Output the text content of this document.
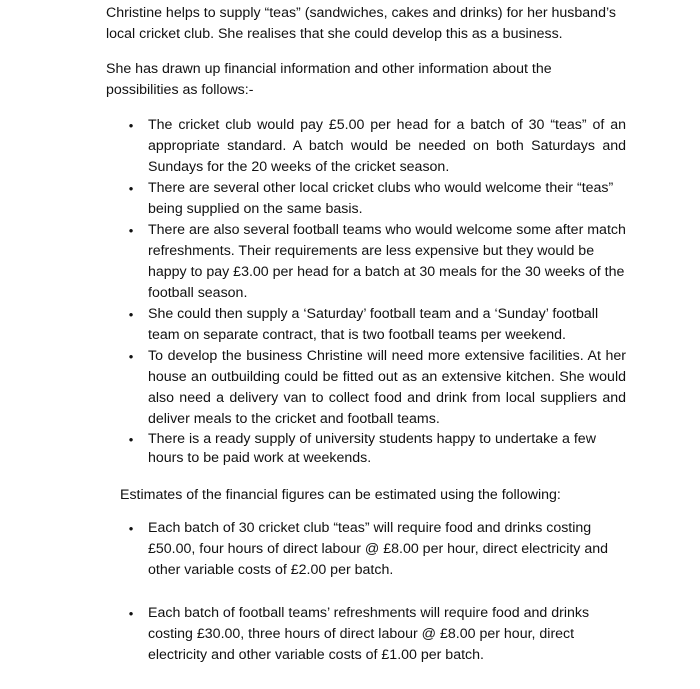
Christine helps to supply “teas” (sandwiches, cakes and drinks) for her husband’s local cricket club. She realises that she could develop this as a business.

She has drawn up financial information and other information about the possibilities as follows:-

• The cricket club would pay £5.00 per head for a batch of 30 “teas” of an appropriate standard. A batch would be needed on both Saturdays and Sundays for the 20 weeks of the cricket season.
• There are several other local cricket clubs who would welcome their “teas” being supplied on the same basis.
• There are also several football teams who would welcome some after match refreshments. Their requirements are less expensive but they would be happy to pay £3.00 per head for a batch at 30 meals for the 30 weeks of the football season.
• She could then supply a ‘Saturday’ football team and a ‘Sunday’ football team on separate contract, that is two football teams per weekend.
• To develop the business Christine will need more extensive facilities. At her house an outbuilding could be fitted out as an extensive kitchen. She would also need a delivery van to collect food and drink from local suppliers and deliver meals to the cricket and football teams.
• There is a ready supply of university students happy to undertake a few hours to be paid work at weekends.

Estimates of the financial figures can be estimated using the following:

• Each batch of 30 cricket club “teas” will require food and drinks costing £50.00, four hours of direct labour @ £8.00 per hour, direct electricity and other variable costs of £2.00 per batch.
• Each batch of football teams’ refreshments will require food and drinks costing £30.00, three hours of direct labour @ £8.00 per hour, direct electricity and other variable costs of £1.00 per batch.
